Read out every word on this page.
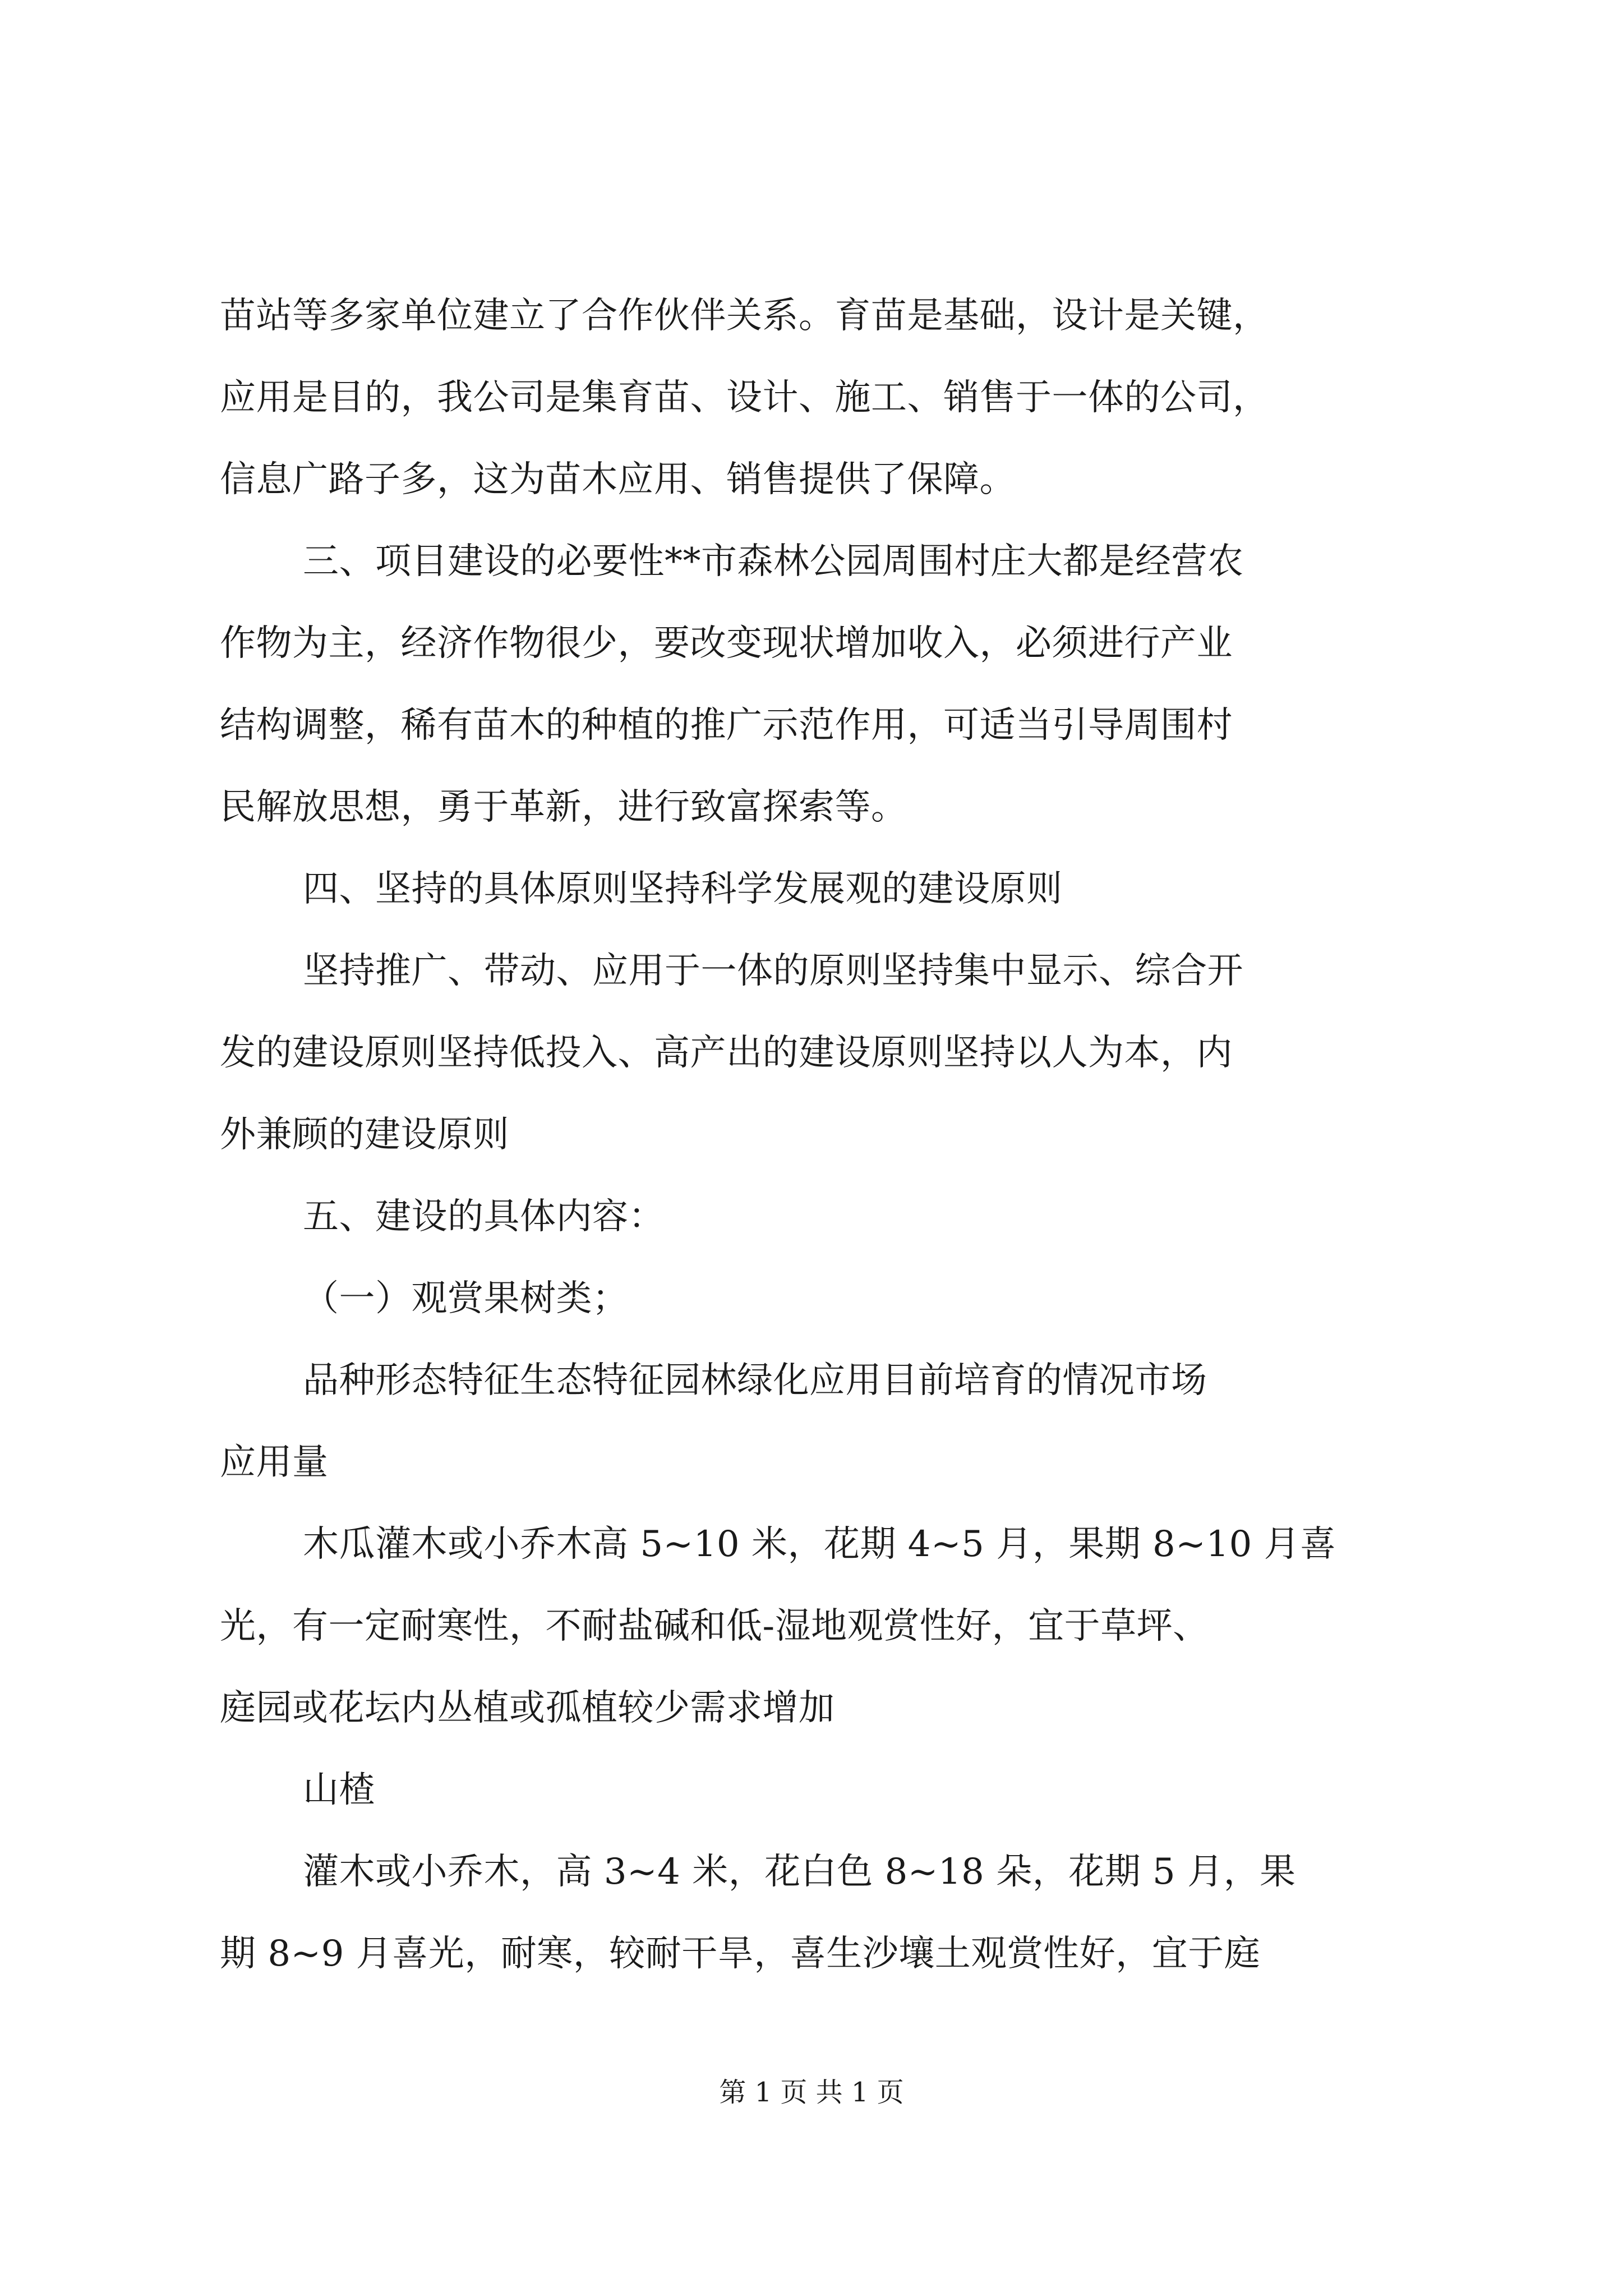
苗站等多家单位建立了合作伙伴关系。育苗是基础，设计是关键，
应用是目的，我公司是集育苗、设计、施工、销售于一体的公司，
信息广路子多，这为苗木应用、销售提供了保障。
三、项目建设的必要性**市森林公园周围村庄大都是经营农
作物为主，经济作物很少，要改变现状增加收入，必须进行产业
结构调整，稀有苗木的种植的推广示范作用，可适当引导周围村
民解放思想，勇于革新，进行致富探索等。
四、坚持的具体原则坚持科学发展观的建设原则
坚持推广、带动、应用于一体的原则坚持集中显示、综合开
发的建设原则坚持低投入、高产出的建设原则坚持以人为本，内
外兼顾的建设原则
五、建设的具体内容：
（一）观赏果树类；
品种形态特征生态特征园林绿化应用目前培育的情况市场
应用量
木瓜灌木或小乔木高 5~10 米，花期 4~5 月，果期 8~10 月喜
光，有一定耐寒性，不耐盐碱和低-湿地观赏性好，宜于草坪、
庭园或花坛内丛植或孤植较少需求增加
山楂
灌木或小乔木，高 3~4 米，花白色 8~18 朵，花期 5 月，果
期 8~9 月喜光，耐寒，较耐干旱，喜生沙壤土观赏性好，宜于庭
第 1 页 共 1 页
